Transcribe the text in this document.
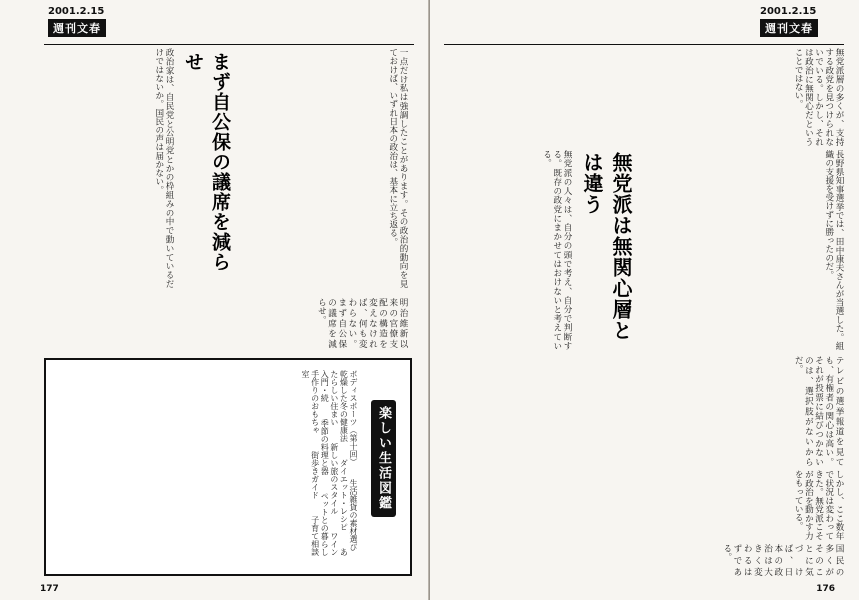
2001.2.15
週刊文春
一点だけ私は強調したことがあります。その政治的動向を見ておけば、いずれ日本の政治は、基本に立ち返る。
政治家は、自民党と公明党とかの枠組みの中で動いているだけではないか。国民の声は届かない。	まず自公保の議席を減らせ
明治維新以来の官僚支配の構造を変えなければ、何も変わらない。まず自公保の議席を減らせ。
楽しい生活図鑑
ボディスポーツ（第十回）　 生活雑貨の素材選び　 乾燥した冬の健康法　 ダイエット・レシピ　 あたらしい住まい　 新しい旅のスタイル　 ワイン入門・続　 季節の料理と器　 ペットとの暮らし　 手作りのおもちゃ　 街歩きガイド　 子育て相談室
177
2001.2.15
週刊文春
無党派層の多くが、支持する政党を見つけられないでいる。しかし、それは政治に無関心だということではない。
長野県知事選挙では、田中康夫さんが当選した。組織の支援を受けずに勝ったのだ。
無党派は無関心層とは違う
無党派の人々は、自分の頭で考え、自分で判断する。既存の政党にまかせてはおけないと考えている。
テレビの選挙報道を見ても、有権者の関心は高い。それが投票に結びつかないのは、選択肢がないからだ。
しかし、ここ数年で状況は変わってきた。無党派こそが政治を動かす力をもっている。
国民の多くがそのことに気づけば、日本の政治は大きく変わるはずである。
176
